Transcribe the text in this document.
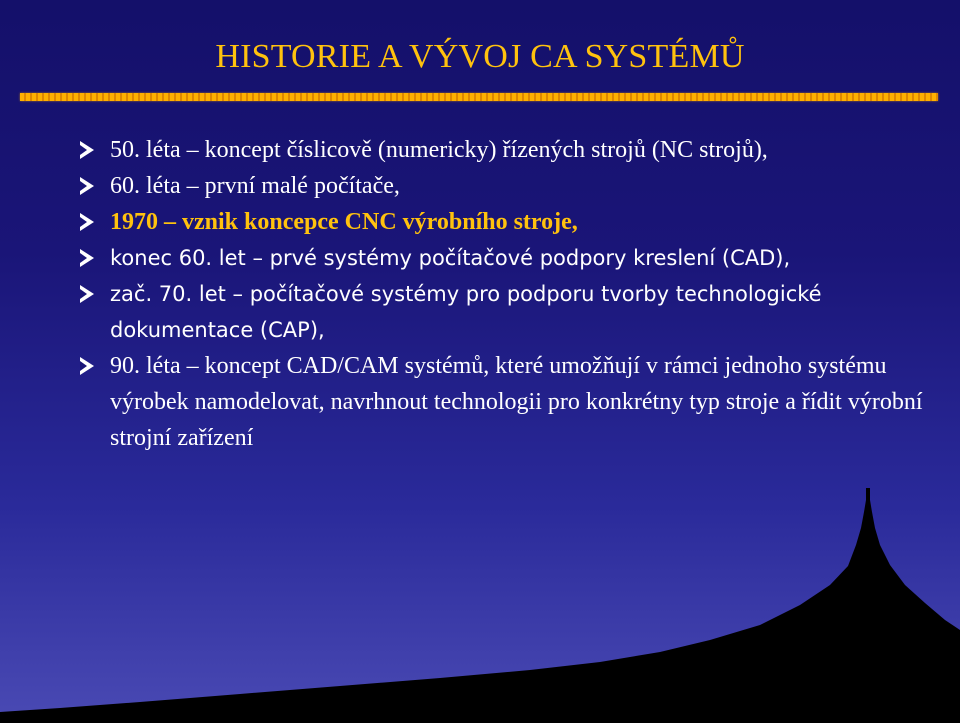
HISTORIE A VÝVOJ CA SYSTÉMŮ
50. léta – koncept číslicově (numericky) řízených strojů (NC strojů),
60. léta – první malé počítače,
1970 – vznik koncepce CNC výrobního stroje,
konec 60. let – prvé systémy počítačové podpory kreslení (CAD),
zač. 70. let – počítačové systémy pro podporu tvorby technologické dokumentace (CAP),
90. léta – koncept CAD/CAM systémů, které umožňují v rámci jednoho systému výrobek namodelovat, navrhnout technologii pro konkrétny typ stroje a řídit výrobní strojní zařízení
